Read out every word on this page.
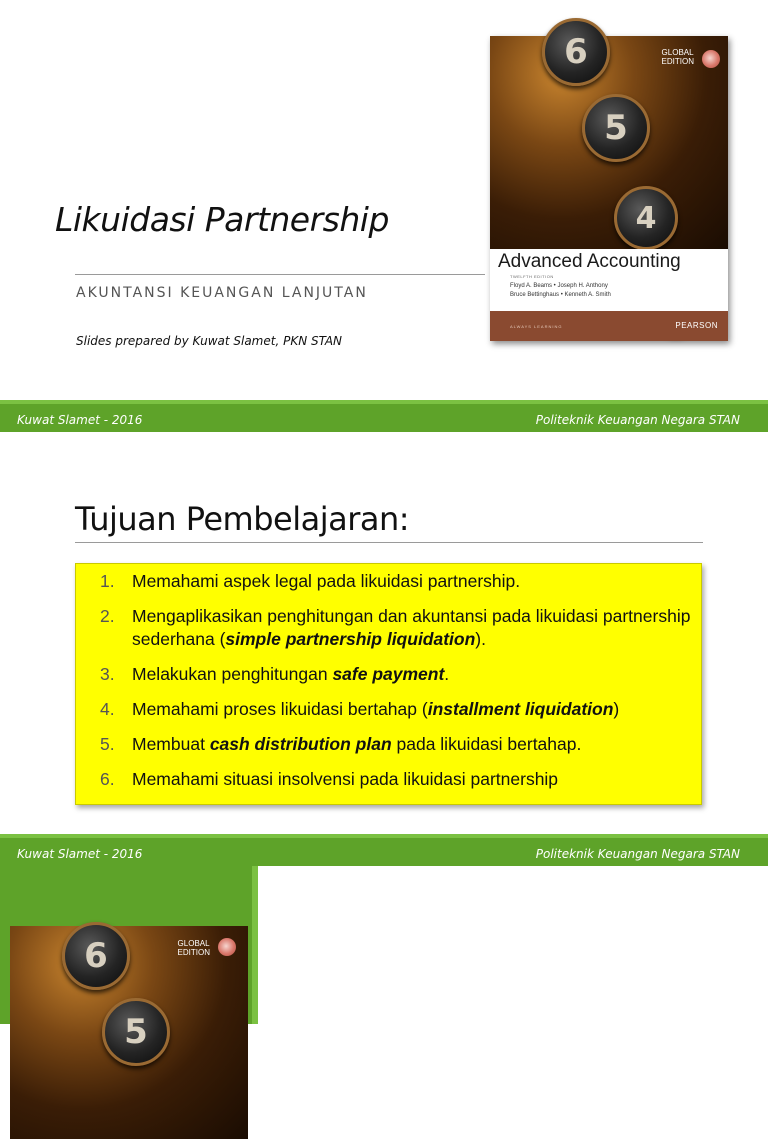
Likuidasi Partnership
AKUNTANSI KEUANGAN LANJUTAN
Slides prepared by Kuwat Slamet, PKN STAN
6
5
4
GLOBAL
EDITION
Advanced Accounting
TWELFTH EDITION
Floyd A. Beams • Joseph H. Anthony
Bruce Bettinghaus • Kenneth A. Smith
ALWAYS LEARNING	PEARSON
Kuwat Slamet - 2016	Politeknik Keuangan Negara STAN
Tujuan Pembelajaran:
1. Memahami aspek legal pada likuidasi partnership.
2. Mengaplikasikan penghitungan dan akuntansi pada likuidasi partnership sederhana (simple partnership liquidation).
3. Melakukan penghitungan safe payment.
4. Memahami proses likuidasi bertahap (installment liquidation)
5. Membuat cash distribution plan pada likuidasi bertahap.
6. Memahami situasi insolvensi pada likuidasi partnership
Kuwat Slamet - 2016	Politeknik Keuangan Negara STAN
6
5
GLOBAL
EDITION
